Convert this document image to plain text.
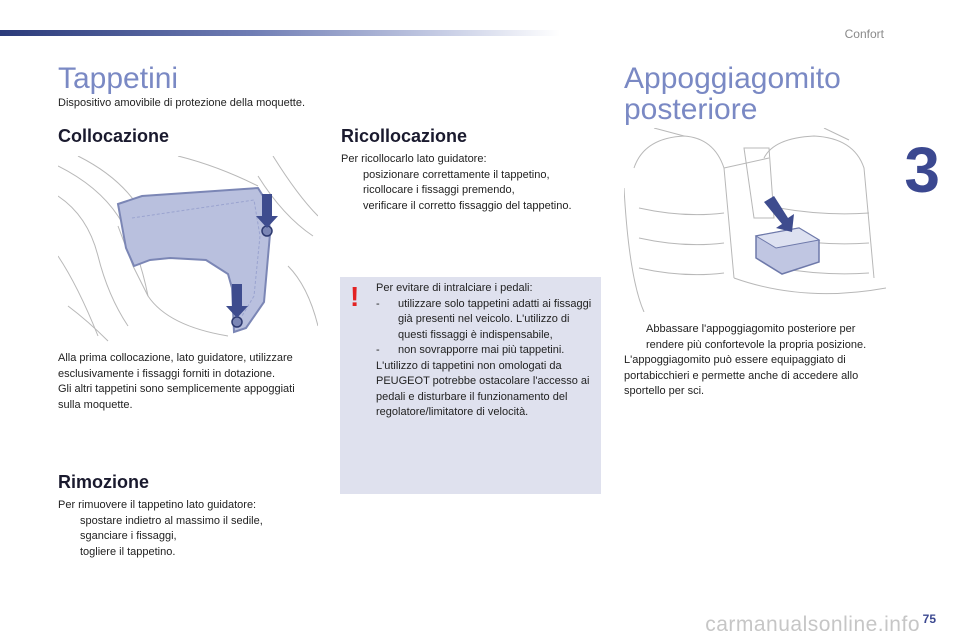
Confort
3
Tappetini
Dispositivo amovibile di protezione della moquette.
Collocazione
Alla prima collocazione, lato guidatore, utilizzare esclusivamente i fissaggi forniti in dotazione.
Gli altri tappetini sono semplicemente appoggiati sulla moquette.
Rimozione
Per rimuovere il tappetino lato guidatore:
spostare indietro al massimo il sedile,
sganciare i fissaggi,
togliere il tappetino.
Ricollocazione
Per ricollocarlo lato guidatore:
posizionare correttamente il tappetino,
ricollocare i fissaggi premendo,
verificare il corretto fissaggio del tappetino.
! Per evitare di intralciare i pedali:
- utilizzare solo tappetini adatti ai fissaggi già presenti nel veicolo. L'utilizzo di questi fissaggi è indispensabile,
- non sovrapporre mai più tappetini.
L'utilizzo di tappetini non omologati da PEUGEOT potrebbe ostacolare l'accesso ai pedali e disturbare il funzionamento del regolatore/limitatore di velocità.
Appoggiagomito
posteriore
Abbassare l'appoggiagomito posteriore per rendere più confortevole la propria posizione.
L'appoggiagomito può essere equipaggiato di portabicchieri e permette anche di accedere allo sportello per sci.
carmanualsonline.info 75
